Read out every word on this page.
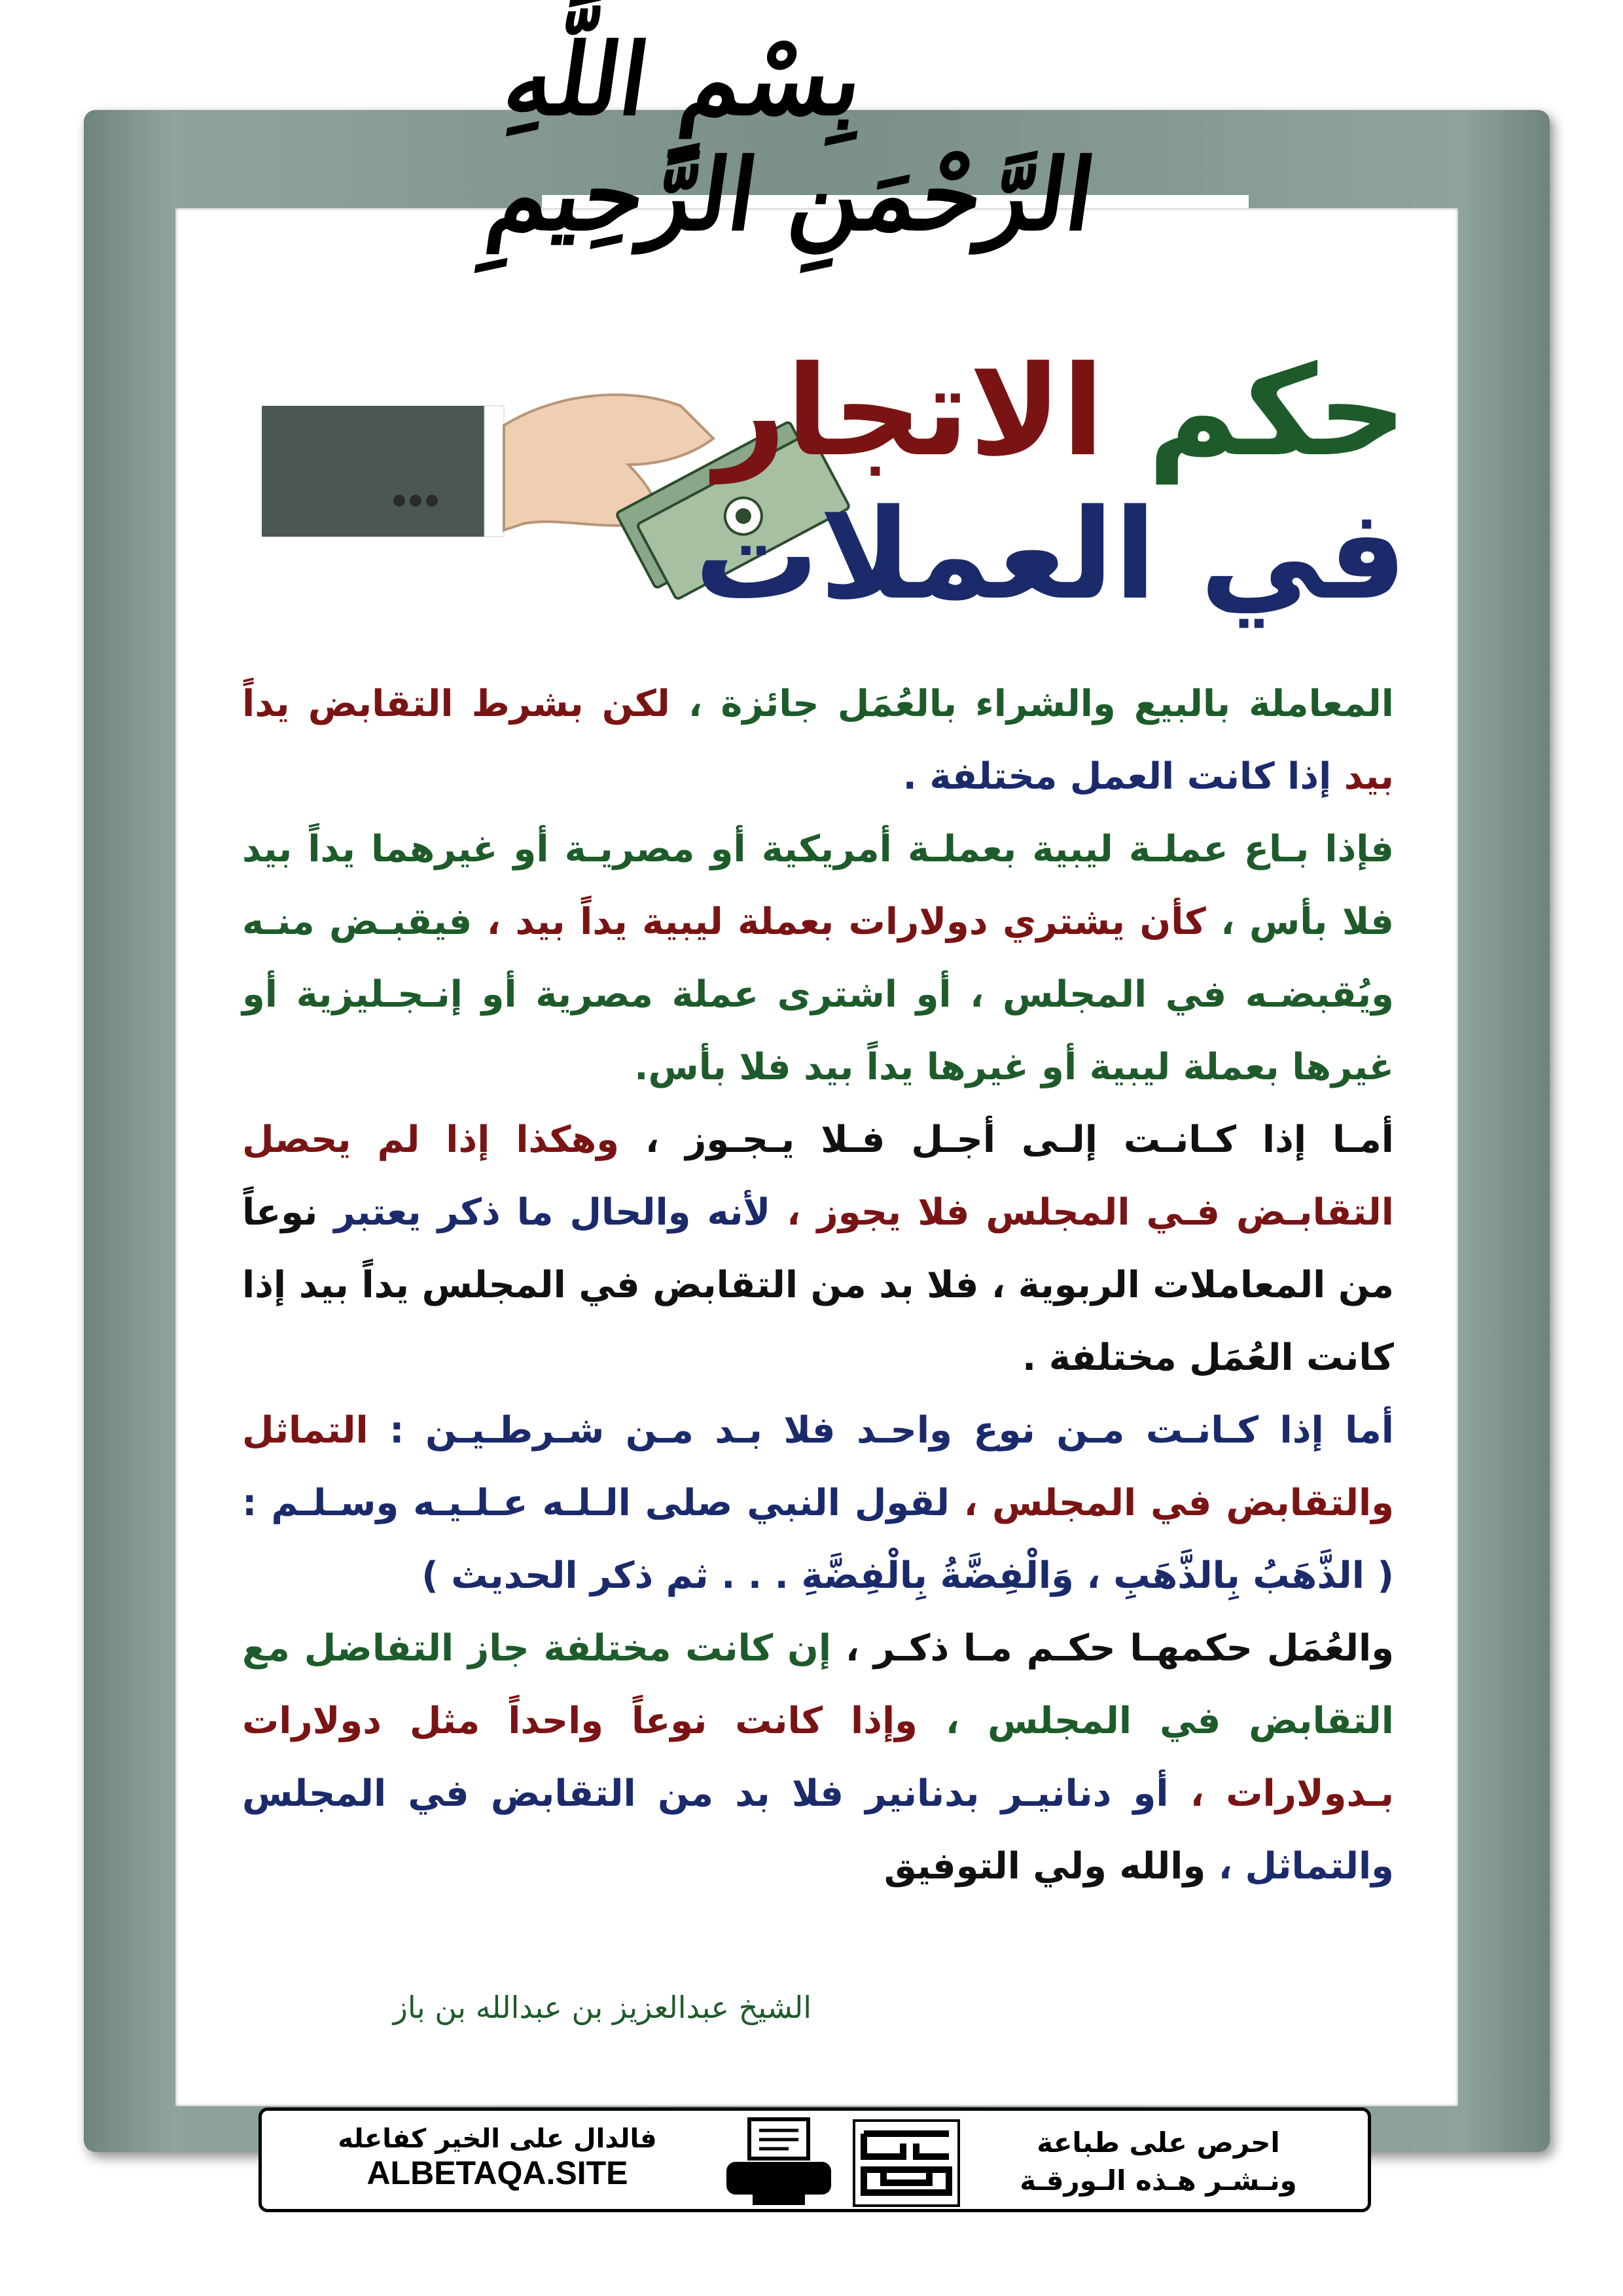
بِسْمِ اللَّهِ الرَّحْمَنِ الرَّحِيمِ
حكم الاتجار
في العملات

المعاملة بالبيع والشراء بالعُمَل جائزة ، لكن بشرط التقابض يداً بيد إذا كانت العمل مختلفة .

فإذا بـاع عملـة ليبية بعملـة أمريكية أو مصريـة أو غيرهما يداً بيد فلا بأس ، كأن يشتري دولارات بعملة ليبية يداً بيد ، فيقبـض منـه ويُقبضـه في المجلس ، أو اشترى عملة مصرية أو إنـجـليزية أو غيرها بعملة ليبية أو غيرها يداً بيد فلا بأس.

أمـا إذا كـانـت إلـى أجـل فـلا يـجـوز ، وهكذا إذا لم يحصل التقابـض فـي المجلس فلا يجوز ، لأنه والحال ما ذكر يعتبر نوعاً من المعاملات الربوية ، فلا بد من التقابض في المجلس يداً بيد إذا كانت العُمَل مختلفة .

أما إذا كـانـت مـن نوع واحـد فلا بـد مـن شـرطـيـن : التماثل والتقابض في المجلس ، لقول النبي صلى الـلـه عـلـيـه وسـلـم : ( الذَّهَبُ بِالذَّهَبِ ، وَالْفِضَّةُ بِالْفِضَّةِ . . . ثم ذكر الحديث )

والعُمَل حكمهـا حكـم مـا ذكـر ، إن كانت مختلفة جاز التفاضل مع التقابض في المجلس ، وإذا كانت نوعاً واحداً مثل دولارات بـدولارات ، أو دنانيـر بدنانير فلا بد من التقابض في المجلس والتماثل ، والله ولي التوفيق

الشيخ عبدالعزيز بن عبدالله بن باز
فالدال على الخير كفاعله
ALBETAQA.SITE
احرص على طباعة
ونـشـر هـذه الـورقـة
